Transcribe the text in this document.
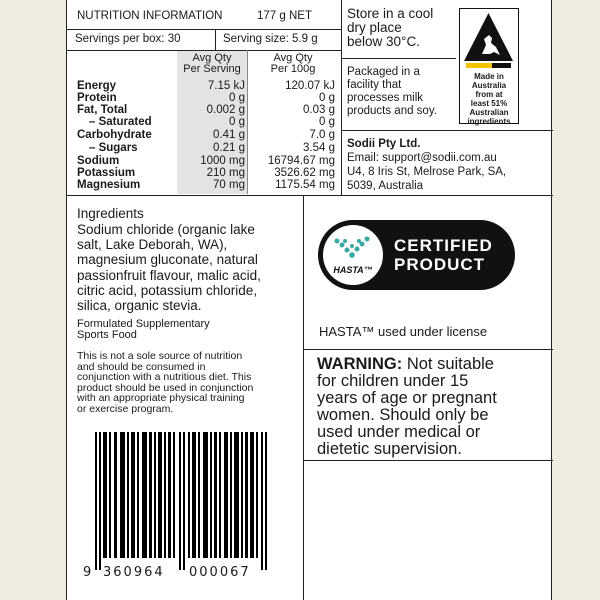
NUTRITION INFORMATION	177 g NET
Servings per box: 30	Serving size: 5.9 g
Avg Qty
Per Serving
Avg Qty
Per 100g
Energy	7.15 kJ	120.07 kJ
Protein	0 g	0 g
Fat, Total	0.002 g	0.03 g
– Saturated	0 g	0 g
Carbohydrate	0.41 g	7.0 g
– Sugars	0.21 g	3.54 g
Sodium	1000 mg	16794.67 mg
Potassium	210 mg	3526.62 mg
Magnesium	70 mg	1175.54 mg
Store in a cool
dry place
below 30°C.
Packaged in a
facility that
processes milk
products and soy.
Made in
Australia
from at
least 51%
Australian
ingredients
Sodii Pty Ltd.
Email: support@sodii.com.au
U4, 8 Iris St, Melrose Park, SA,
5039, Australia
Ingredients
Sodium chloride (organic lake
salt, Lake Deborah, WA),
magnesium gluconate, natural
passionfruit flavour, malic acid,
citric acid, potassium chloride,
silica, organic stevia.
Formulated Supplementary
Sports Food
This is not a sole source of nutrition
and should be consumed in
conjunction with a nutritious diet. This
product should be used in conjunction
with an appropriate physical training
or exercise program.
9 360964 000067
HASTA™
CERTIFIED
PRODUCT
HASTA™ used under license
WARNING: Not suitable
for children under 15
years of age or pregnant
women. Should only be
used under medical or
dietetic supervision.
